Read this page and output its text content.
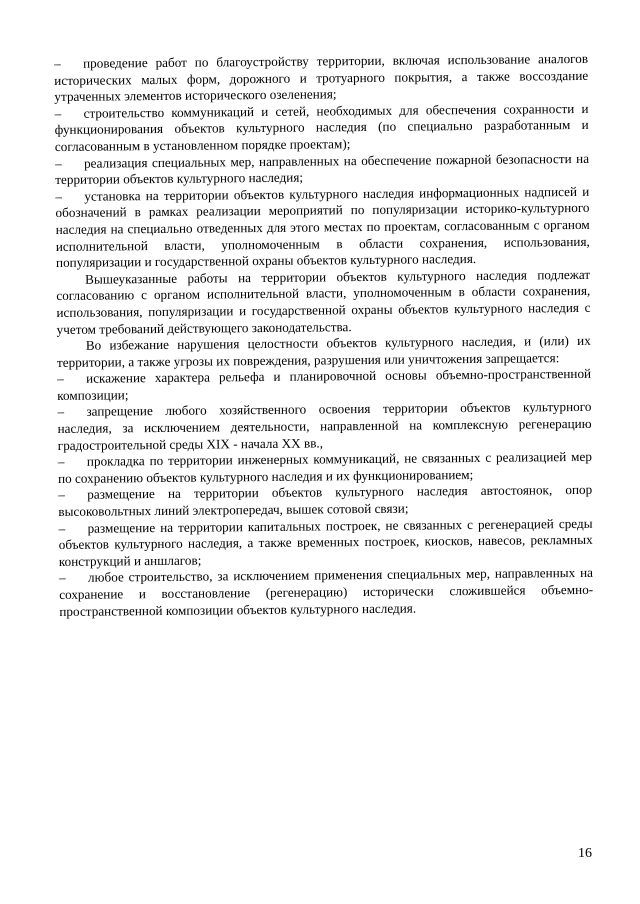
– проведение работ по благоустройству территории, включая использование аналогов исторических малых форм, дорожного и тротуарного покрытия, а также воссоздание утраченных элементов исторического озеленения;

– строительство коммуникаций и сетей, необходимых для обеспечения сохранности и функционирования объектов культурного наследия (по специально разработанным и согласованным в установленном порядке проектам);

– реализация специальных мер, направленных на обеспечение пожарной безопасности на территории объектов культурного наследия;

– установка на территории объектов культурного наследия информационных надписей и обозначений в рамках реализации мероприятий по популяризации историко-культурного наследия на специально отведенных для этого местах по проектам, согласованным с органом исполнительной власти, уполномоченным в области сохранения, использования, популяризации и государственной охраны объектов культурного наследия.

Вышеуказанные работы на территории объектов культурного наследия подлежат согласованию с органом исполнительной власти, уполномоченным в области сохранения, использования, популяризации и государственной охраны объектов культурного наследия с учетом требований действующего законодательства.

Во избежание нарушения целостности объектов культурного наследия, и (или) их территории, а также угрозы их повреждения, разрушения или уничтожения запрещается:

– искажение характера рельефа и планировочной основы объемно-пространственной композиции;

– запрещение любого хозяйственного освоения территории объектов культурного наследия, за исключением деятельности, направленной на комплексную регенерацию градостроительной среды XIX - начала XX вв.,

– прокладка по территории инженерных коммуникаций, не связанных с реализацией мер по сохранению объектов культурного наследия и их функционированием;

– размещение на территории объектов культурного наследия автостоянок, опор высоковольтных линий электропередач, вышек сотовой связи;

– размещение на территории капитальных построек, не связанных с регенерацией среды объектов культурного наследия, а также временных построек, киосков, навесов, рекламных конструкций и аншлагов;

– любое строительство, за исключением применения специальных мер, направленных на сохранение и восстановление (регенерацию) исторически сложившейся объемно-пространственной композиции объектов культурного наследия.

16
